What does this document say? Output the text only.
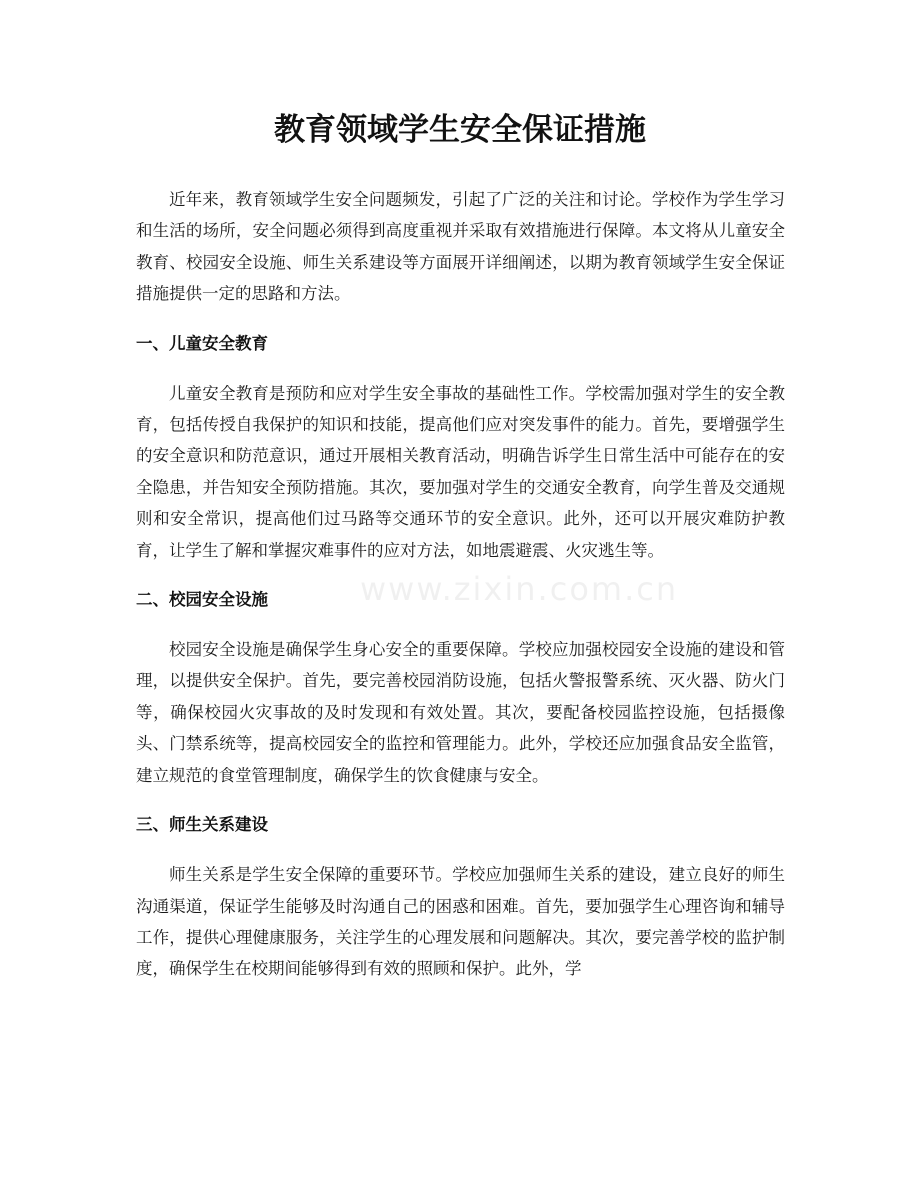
教育领域学生安全保证措施

近年来，教育领域学生安全问题频发，引起了广泛的关注和讨论。学校作为学生学习和生活的场所，安全问题必须得到高度重视并采取有效措施进行保障。本文将从儿童安全教育、校园安全设施、师生关系建设等方面展开详细阐述，以期为教育领域学生安全保证措施提供一定的思路和方法。

一、儿童安全教育

儿童安全教育是预防和应对学生安全事故的基础性工作。学校需加强对学生的安全教育，包括传授自我保护的知识和技能，提高他们应对突发事件的能力。首先，要增强学生的安全意识和防范意识，通过开展相关教育活动，明确告诉学生日常生活中可能存在的安全隐患，并告知安全预防措施。其次，要加强对学生的交通安全教育，向学生普及交通规则和安全常识，提高他们过马路等交通环节的安全意识。此外，还可以开展灾难防护教育，让学生了解和掌握灾难事件的应对方法，如地震避震、火灾逃生等。

二、校园安全设施

校园安全设施是确保学生身心安全的重要保障。学校应加强校园安全设施的建设和管理，以提供安全保护。首先，要完善校园消防设施，包括火警报警系统、灭火器、防火门等，确保校园火灾事故的及时发现和有效处置。其次，要配备校园监控设施，包括摄像头、门禁系统等，提高校园安全的监控和管理能力。此外，学校还应加强食品安全监管，建立规范的食堂管理制度，确保学生的饮食健康与安全。

三、师生关系建设

师生关系是学生安全保障的重要环节。学校应加强师生关系的建设，建立良好的师生沟通渠道，保证学生能够及时沟通自己的困惑和困难。首先，要加强学生心理咨询和辅导工作，提供心理健康服务，关注学生的心理发展和问题解决。其次，要完善学校的监护制度，确保学生在校期间能够得到有效的照顾和保护。此外，学

www.zixin.com.cn
